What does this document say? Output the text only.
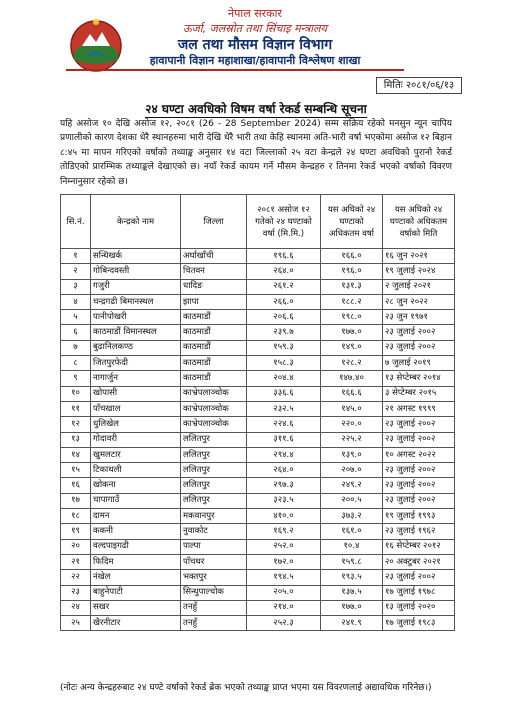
नेपाल सरकार
ऊर्जा, जलस्रोत तथा सिंचाइ मन्त्रालय
जल तथा मौसम विज्ञान विभाग
हावापानी विज्ञान महाशाखा/हावापानी विश्लेषण शाखा
मितिः २०८१/०६/१३
२४ घण्टा अवधिको विषम वर्षा रेकर्ड सम्बन्धि सूचना

यहि असोज १० देखि असोज १२, २०८१ (26 - 28 September 2024) सम्म सक्रिय रहेको मनसुन न्यून चापिय प्रणालीको कारण देशका धेरै स्थानहरुमा भारी देखि धेरै भारी तथा केहि स्थानमा अति-भारी वर्षा भएकोमा असोज १२ बिहान ८:४५ मा मापन गरिएको वर्षाको तथ्याङ्क अनुसार १४ वटा जिल्लाको २५ वटा केन्द्रले २४ घण्टा अवधिको पुरानो रेकर्ड तोडिएको प्रारम्भिक तथ्याङ्कले देखाएको छ। नयाँ रेकर्ड कायम गर्ने मौसम केन्द्रहरु र तिनमा रेकर्ड भएको वर्षाको विवरण निम्नानुसार रहेको छ।

सि.नं.	केन्द्रको नाम	जिल्ला	२०८१ असोज १२ गतेको २४ घण्टाको वर्षा (मि.मि.)	यस अघिको २४ घण्टाको अधिकतम वर्षा	यस अघिको २४ घण्टाको अधिकतम वर्षाको मिति
१	सन्धिखर्क	अर्घाखाँची	१९६.६	१६६.०	१६ जुन २०२१
२	गोबिन्दवस्ती	चितवन	२६४.०	१९६.०	१९ जुलाई २०२४
३	गजुरी	धादिङ	२६१.२	१३१.३	२ जुलाई २०२१
४	चन्द्रगढी बिमानस्थल	झापा	२६६.०	१८८.२	२८ जुन २०२२
५	पानीपोखरी	काठमाडौं	२०६.६	१९८.०	२३ जुन १९७१
६	काठमाडौं विमानस्थल	काठमाडौं	२३९.७	१७७.०	२३ जुलाई २००२
७	बुढानिलकण्ठ	काठमाडौं	१५९.३	१४९.०	२३ जुलाई २००२
८	जितपुरफेदी	काठमाडौं	१५८.३	१२८.२	७ जुलाई २०१९
९	नागार्जुन	काठमाडौं	२०४.४	१४७.४०	१३ सेप्टेम्बर २०१४
१०	खोपासी	काभ्रेपलाञ्चोक	३३६.६	१६६.६	३ सेप्टेम्बर २०१५
११	पाँचखाल	काभ्रेपलाञ्चोक	२३२.५	१४५.०	२१ अगस्ट १९९९
१२	धुलिखेल	काभ्रेपलाञ्चोक	२२४.६	२२०.०	२३ जुलाई २००२
१३	गोदावरी	ललितपुर	३११.६	२२५.२	२३ जुलाई २००२
१४	खुमलटार	ललितपुर	२९४.४	१३९.०	१० अगस्ट २०२२
१५	टिकाथली	ललितपुर	२६४.०	२०७.०	२३ जुलाई २००२
१६	खोकना	ललितपुर	२९७.३	२४९.२	२३ जुलाई २००२
१७	चापागाउँ	ललितपुर	३२३.५	२००.५	२३ जुलाई २००२
१८	दामन	मकवानपुर	४१०.०	३७३.२	१९ जुलाई १९९३
१९	ककनी	नुवाकोट	१६९.२	१६१.०	२३ जुलाई १९६२
२०	वल्दपाइगढी	पाल्पा	२५२.०	१०.४	१६ सेप्टेम्बर २०१२
२१	फिदिम	पाँचथर	१७२.०	१५९.८	२० अक्टुबर २०२१
२२	नंखेल	भक्तपुर	१९४.५	१९३.५	२३ जुलाई २००२
२३	बाहुनेपाटी	सिन्धुपाल्चोक	२०५.०	१३७.५	१७ जुलाई १९७८
२४	सखर	तनहुँ	२१४.०	१७७.०	१३ जुलाई २०२०
२५	खैरनीटार	तनहुँ	२५२.३	२४१.९	१७ जुलाई १९८३
(नोटः अन्य केन्द्रहरुबाट २४ घण्टे वर्षाको रेकर्ड ब्रेक भएको तथ्याङ्क प्राप्त भएमा यस विवरणलाई अद्यावधिक गरिनेछ।)
